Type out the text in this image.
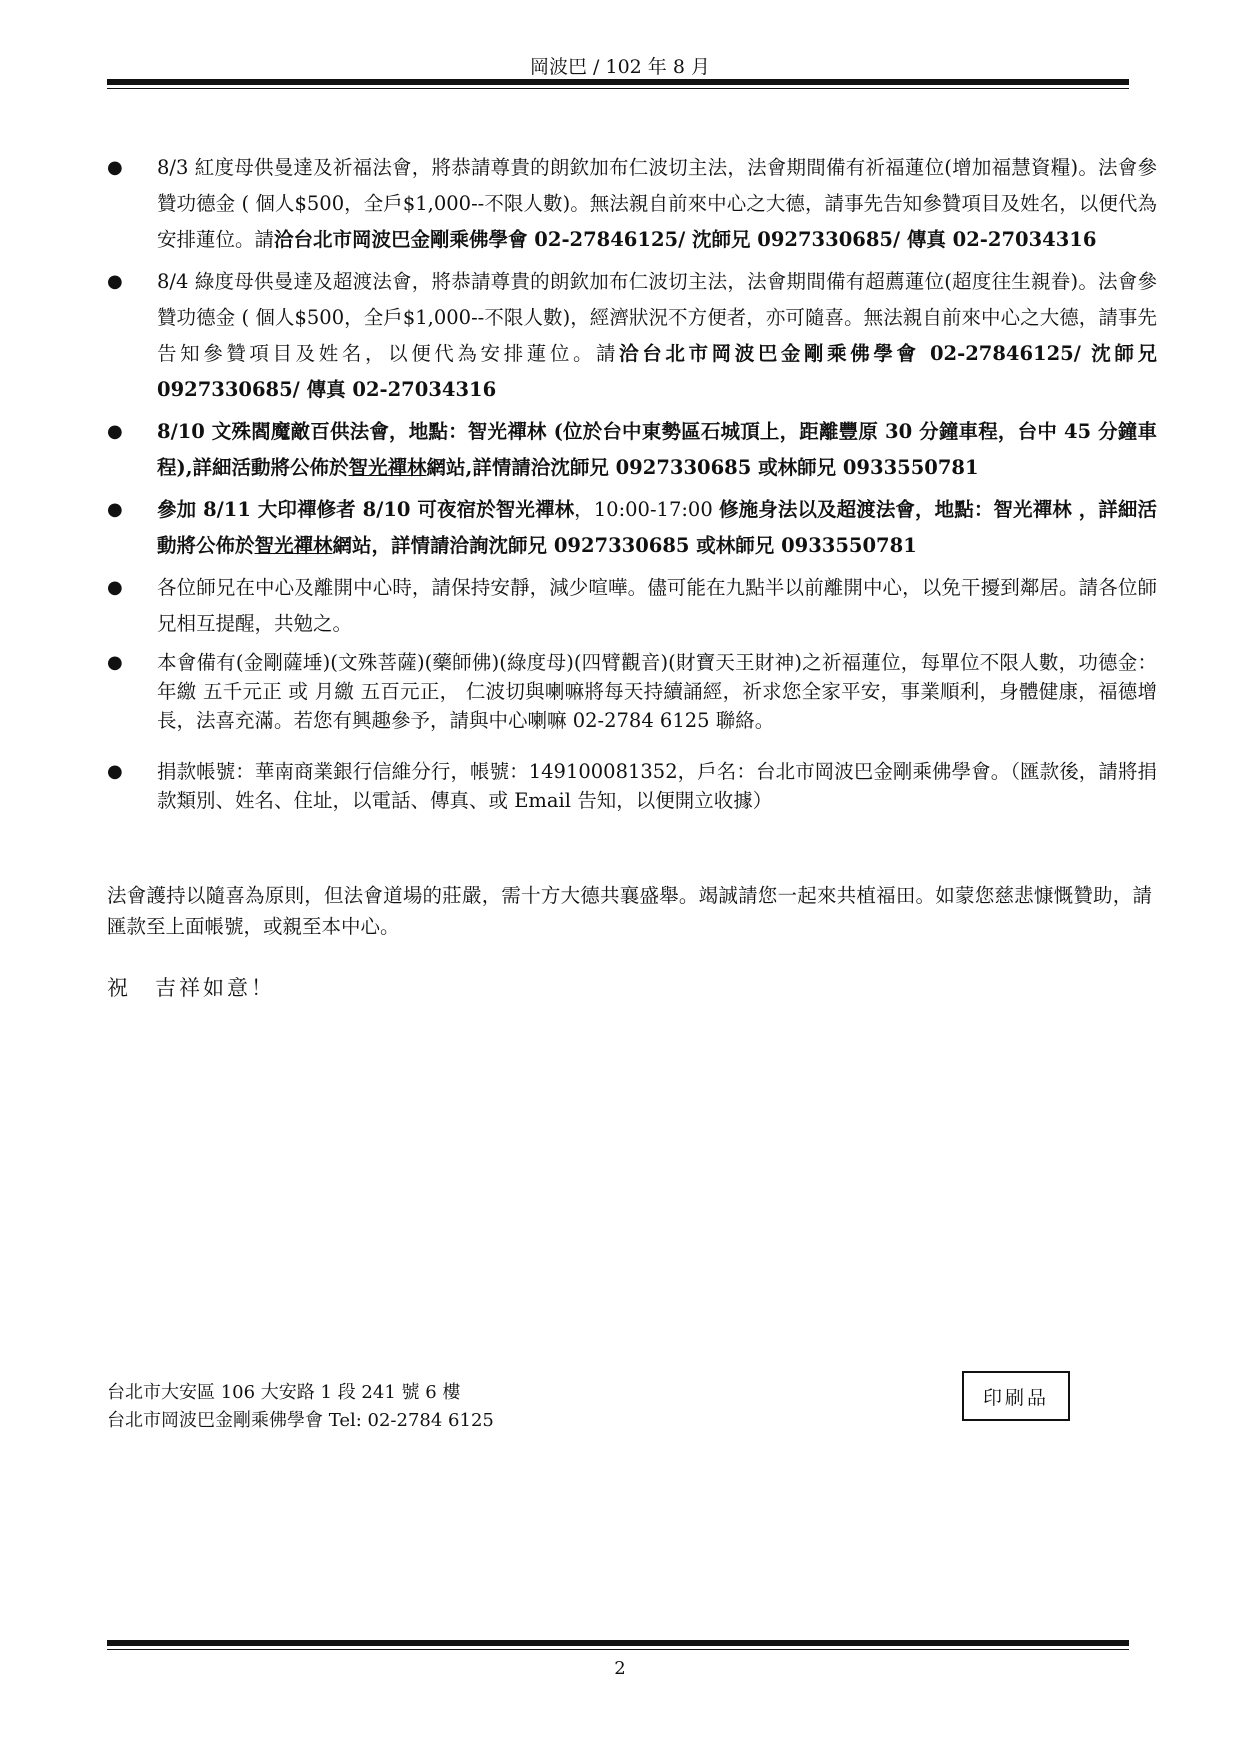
岡波巴 / 102 年 8 月
● 8/3 紅度母供曼達及祈福法會，將恭請尊貴的朗欽加布仁波切主法，法會期間備有祈福蓮位(增加福慧資糧)。法會參贊功德金 ( 個人$500，全戶$1,000--不限人數)。無法親自前來中心之大德，請事先告知參贊項目及姓名，以便代為安排蓮位。請洽台北市岡波巴金剛乘佛學會 02-27846125/ 沈師兄 0927330685/ 傳真 02-27034316
● 8/4 綠度母供曼達及超渡法會，將恭請尊貴的朗欽加布仁波切主法，法會期間備有超薦蓮位(超度往生親眷)。法會參贊功德金 ( 個人$500，全戶$1,000--不限人數)，經濟狀況不方便者，亦可隨喜。無法親自前來中心之大德，請事先告知參贊項目及姓名，以便代為安排蓮位。請洽台北市岡波巴金剛乘佛學會 02-27846125/ 沈師兄 0927330685/ 傳真 02-27034316
● 8/10 文殊閻魔敵百供法會，地點：智光禪林 (位於台中東勢區石城頂上，距離豐原 30 分鐘車程，台中 45 分鐘車程),詳細活動將公佈於智光禪林網站,詳情請洽沈師兄 0927330685 或林師兄 0933550781
● 參加 8/11 大印禪修者 8/10 可夜宿於智光禪林，10:00-17:00 修施身法以及超渡法會，地點：智光禪林 ，詳細活動將公佈於智光禪林網站，詳情請洽詢沈師兄 0927330685 或林師兄 0933550781
● 各位師兄在中心及離開中心時，請保持安靜，減少喧嘩。儘可能在九點半以前離開中心，以免干擾到鄰居。請各位師兄相互提醒，共勉之。
● 本會備有(金剛薩埵)(文殊菩薩)(藥師佛)(綠度母)(四臂觀音)(財寶天王財神)之祈福蓮位，每單位不限人數，功德金：年繳 五千元正 或 月繳 五百元正， 仁波切與喇嘛將每天持續誦經，祈求您全家平安，事業順利，身體健康，福德增長，法喜充滿。若您有興趣參予，請與中心喇嘛 02-2784 6125 聯絡。
● 捐款帳號：華南商業銀行信維分行，帳號：149100081352，戶名：台北市岡波巴金剛乘佛學會。（匯款後，請將捐款類別、姓名、住址，以電話、傳真、或 Email 告知，以便開立收據）

法會護持以隨喜為原則，但法會道場的莊嚴，需十方大德共襄盛舉。竭誠請您一起來共植福田。如蒙您慈悲慷慨贊助，請匯款至上面帳號，或親至本中心。

祝 吉祥如意！

台北市大安區 106 大安路 1 段 241 號 6 樓
台北市岡波巴金剛乘佛學會 Tel: 02-2784 6125
印刷品
2
